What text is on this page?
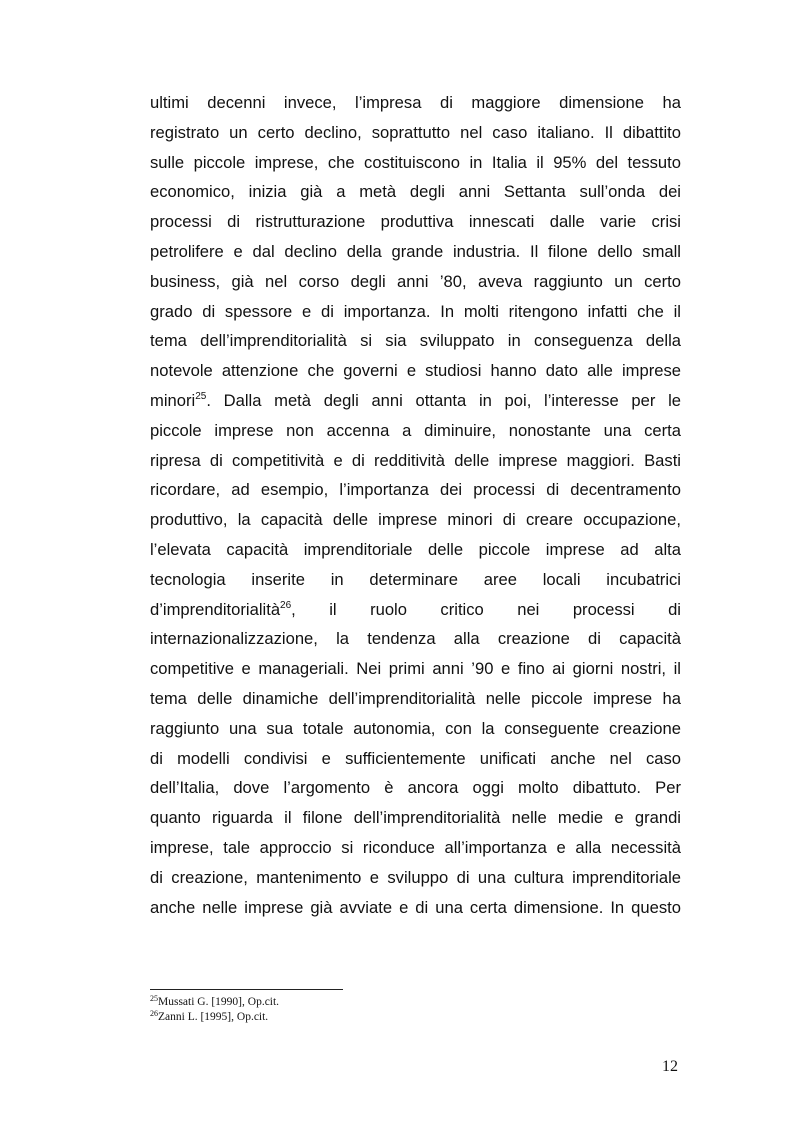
ultimi decenni invece, l’impresa di maggiore dimensione ha
registrato un certo declino, soprattutto nel caso italiano. Il dibattito
sulle piccole imprese, che costituiscono in Italia il 95% del tessuto
economico, inizia già a metà degli anni Settanta sull’onda dei
processi di ristrutturazione produttiva innescati dalle varie crisi
petrolifere e dal declino della grande industria. Il filone dello small
business, già nel corso degli anni ’80, aveva raggiunto un certo
grado di spessore e di importanza. In molti ritengono infatti che il
tema dell’imprenditorialità si sia sviluppato in conseguenza della
notevole attenzione che governi e studiosi hanno dato alle imprese
minori$^{25}$. Dalla metà degli anni ottanta in poi, l’interesse per le
piccole imprese non accenna a diminuire, nonostante una certa
ripresa di competitività e di redditività delle imprese maggiori. Basti
ricordare, ad esempio, l’importanza dei processi di decentramento
produttivo, la capacità delle imprese minori di creare occupazione,
l’elevata capacità imprenditoriale delle piccole imprese ad alta
tecnologia inserite in determinare aree locali incubatrici
d’imprenditorialità$^{26}$, il ruolo critico nei processi di
internazionalizzazione, la tendenza alla creazione di capacità
competitive e manageriali. Nei primi anni ’90 e fino ai giorni nostri, il
tema delle dinamiche dell’imprenditorialità nelle piccole imprese ha
raggiunto una sua totale autonomia, con la conseguente creazione
di modelli condivisi e sufficientemente unificati anche nel caso
dell’Italia, dove l’argomento è ancora oggi molto dibattuto. Per
quanto riguarda il filone dell’imprenditorialità nelle medie e grandi
imprese, tale approccio si riconduce all’importanza e alla necessità
di creazione, mantenimento e sviluppo di una cultura imprenditoriale
anche nelle imprese già avviate e di una certa dimensione. In questo
$^{25}$Mussati G. [1990], Op.cit.
$^{26}$Zanni L. [1995], Op.cit.
12
